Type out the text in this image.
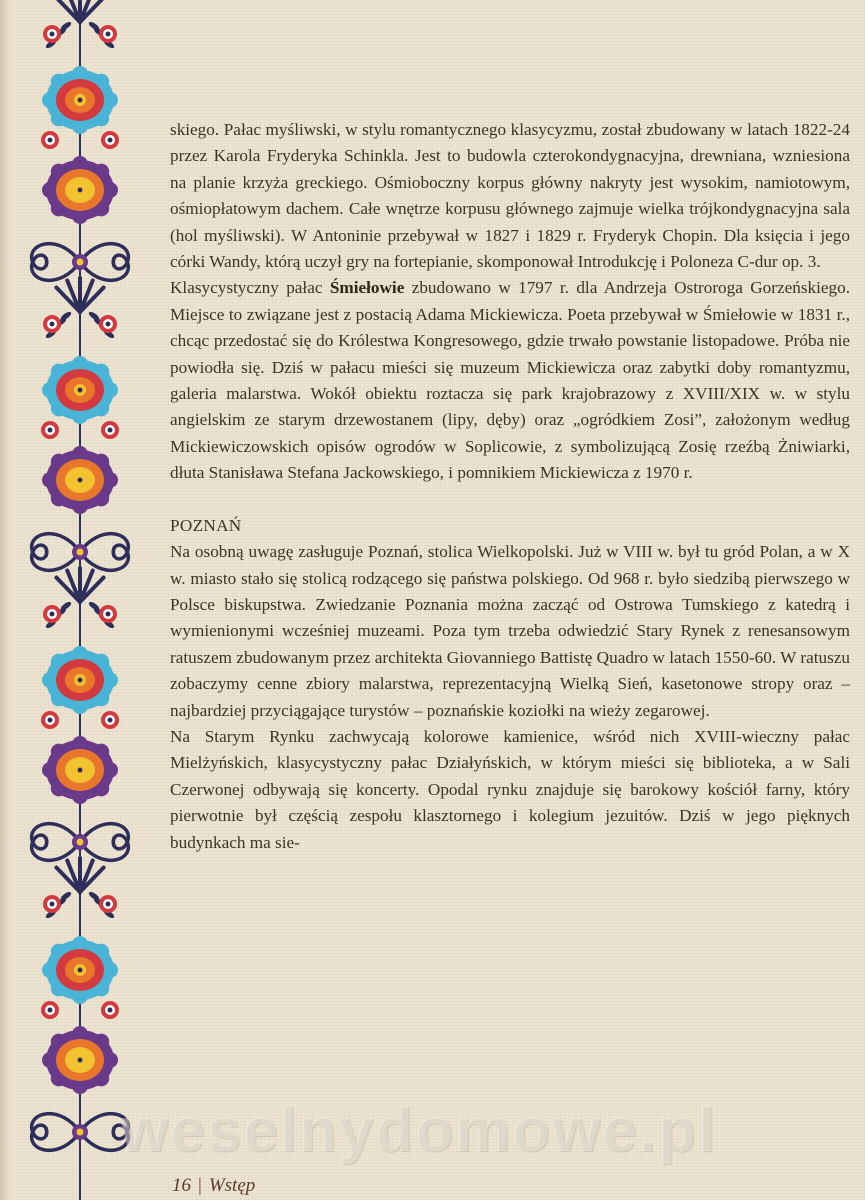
skiego. Pałac myśliwski, w stylu romantycznego klasycyzmu, został zbudowany w latach 1822-24 przez Karola Fryderyka Schinkla. Jest to budowla czterokondygnacyjna, drewniana, wzniesiona na planie krzyża greckiego. Ośmioboczny korpus główny nakryty jest wysokim, namiotowym, ośmiopłatowym dachem. Całe wnętrze korpusu głównego zajmuje wielka trójkondygnacyjna sala (hol myśliwski). W Antoninie przebywał w 1827 i 1829 r. Fryderyk Chopin. Dla księcia i jego córki Wandy, którą uczył gry na fortepianie, skomponował Introdukcję i Poloneza C-dur op. 3.

Klasycystyczny pałac Śmiełowie zbudowano w 1797 r. dla Andrzeja Ostroroga Gorzeńskiego. Miejsce to związane jest z postacią Adama Mickiewicza. Poeta przebywał w Śmiełowie w 1831 r., chcąc przedostać się do Królestwa Kongresowego, gdzie trwało powstanie listopadowe. Próba nie powiodła się. Dziś w pałacu mieści się muzeum Mickiewicza oraz zabytki doby romantyzmu, galeria malarstwa. Wokół obiektu roztacza się park krajobrazowy z XVIII/XIX w. w stylu angielskim ze starym drzewostanem (lipy, dęby) oraz „ogródkiem Zosi”, założonym według Mickiewiczowskich opisów ogrodów w Soplicowie, z symbolizującą Zosię rzeźbą Żniwiarki, dłuta Stanisława Stefana Jackowskiego, i pomnikiem Mickiewicza z 1970 r.

POZNAŃ

Na osobną uwagę zasługuje Poznań, stolica Wielkopolski. Już w VIII w. był tu gród Polan, a w X w. miasto stało się stolicą rodzącego się państwa polskiego. Od 968 r. było siedzibą pierwszego w Polsce biskupstwa. Zwiedzanie Poznania można zacząć od Ostrowa Tumskiego z katedrą i wymienionymi wcześniej muzeami. Poza tym trzeba odwiedzić Stary Rynek z renesansowym ratuszem zbudowanym przez architekta Giovanniego Battistę Quadro w latach 1550-60. W ratuszu zobaczymy cenne zbiory malarstwa, reprezentacyjną Wielką Sień, kasetonowe stropy oraz – najbardziej przyciągające turystów – poznańskie koziołki na wieży zegarowej.

Na Starym Rynku zachwycają kolorowe kamienice, wśród nich XVIII-wieczny pałac Mielżyńskich, klasycystyczny pałac Działyńskich, w którym mieści się biblioteka, a w Sali Czerwonej odbywają się koncerty. Opodal rynku znajduje się barokowy kościół farny, który pierwotnie był częścią zespołu klasztornego i kolegium jezuitów. Dziś w jego pięknych budynkach ma sie-

weselnydomowe.pl
16 | Wstęp
